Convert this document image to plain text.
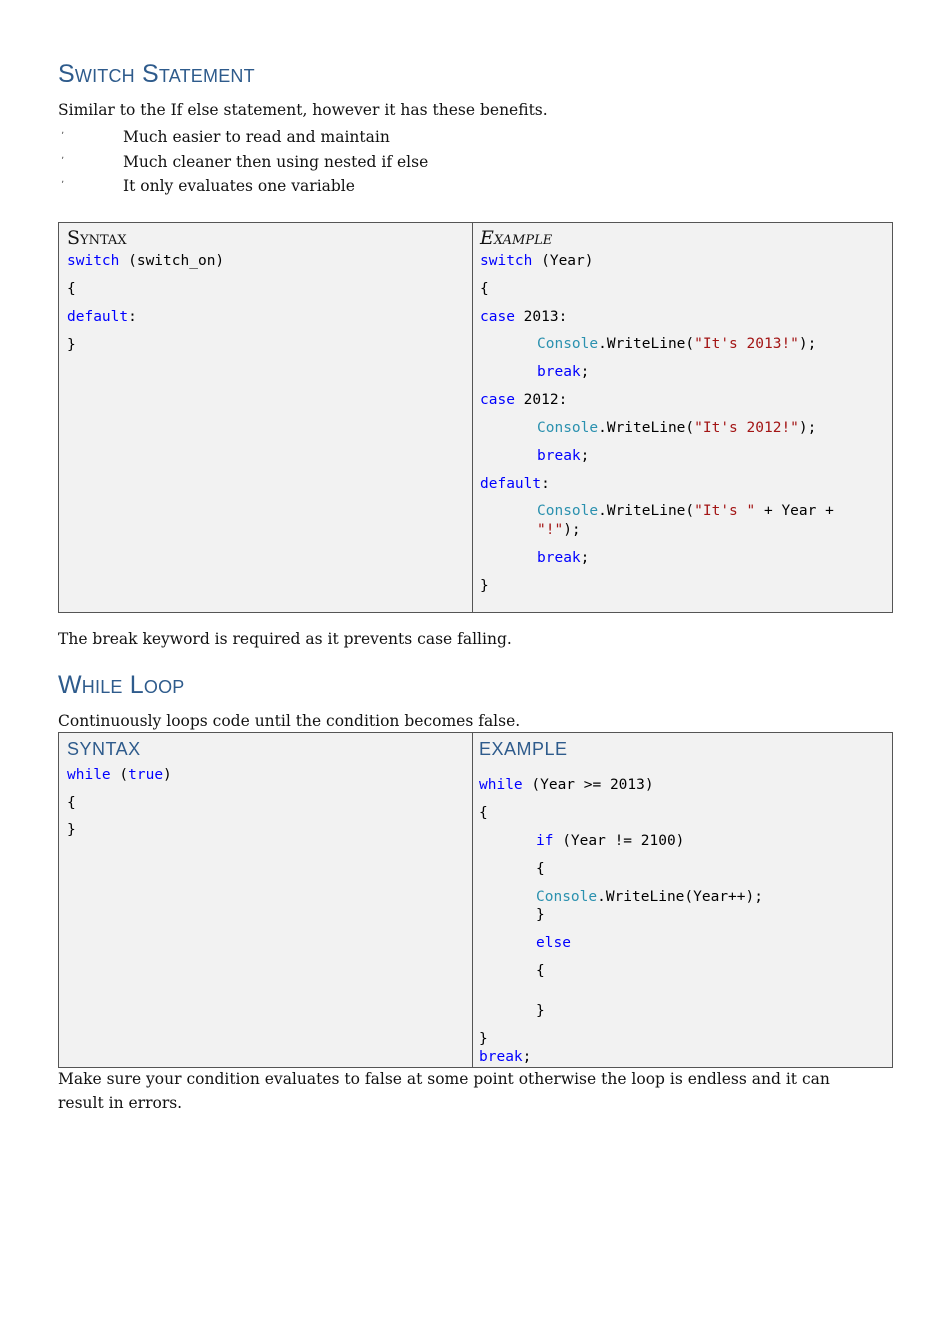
Switch Statement

Similar to the If else statement, however it has these benefits.

٬	Much easier to read and maintain
٬	Much cleaner then using nested if else
٬	It only evaluates one variable
Syntax
switch (switch_on)
{
default:
}
Example
switch (Year)
{
case 2013:
Console.WriteLine("It's 2013!");
break;
case 2012:
Console.WriteLine("It's 2012!");
break;
default:
Console.WriteLine("It's " + Year +
"!");
break;
}

The break keyword is required as it prevents case falling.

While Loop

Continuously loops code until the condition becomes false.

SYNTAX
while (true)
{
}
EXAMPLE
while (Year >= 2013)
{
if (Year != 2100)
{
Console.WriteLine(Year++);
}
else
{
}
}
break;

Make sure your condition evaluates to false at some point otherwise the loop is endless and it can result in errors.
